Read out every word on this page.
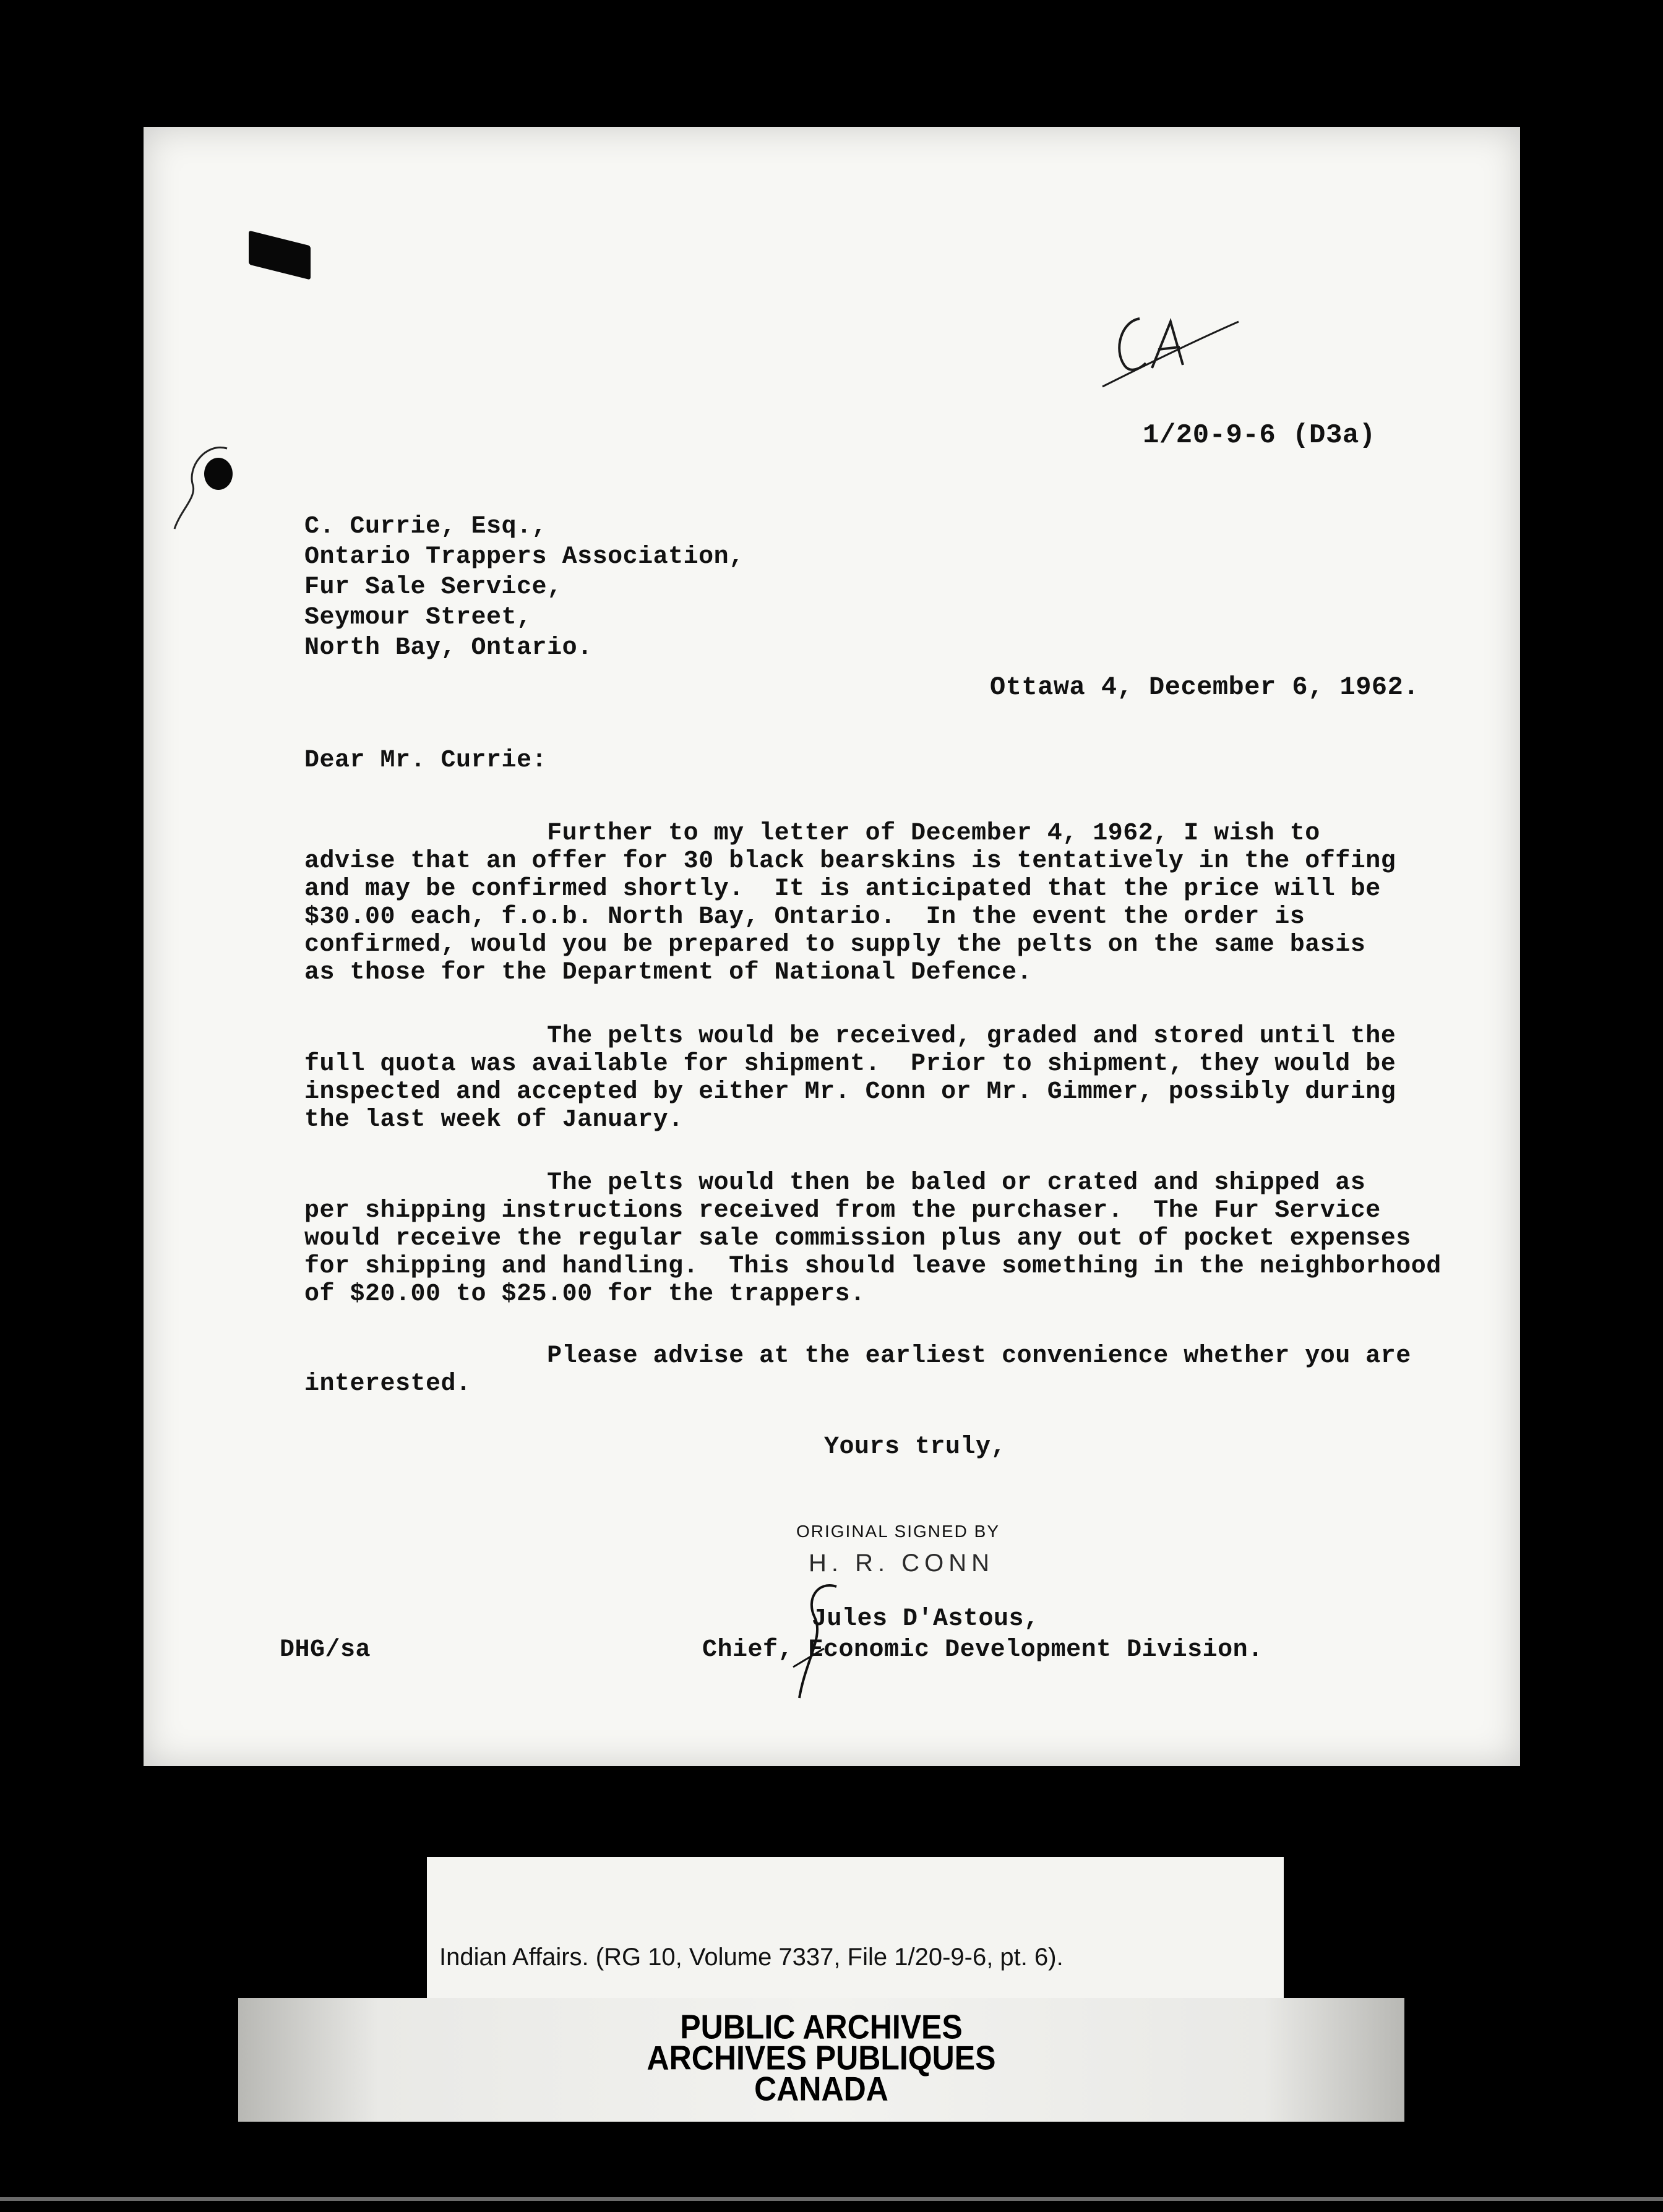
1/20-9-6 (D3a)
C. Currie, Esq.,
Ontario Trappers Association,
Fur Sale Service,
Seymour Street,
North Bay, Ontario.
Ottawa 4, December 6, 1962.
Dear Mr. Currie:
Further to my letter of December 4, 1962, I wish to
advise that an offer for 30 black bearskins is tentatively in the offing
and may be confirmed shortly.  It is anticipated that the price will be
$30.00 each, f.o.b. North Bay, Ontario.  In the event the order is
confirmed, would you be prepared to supply the pelts on the same basis
as those for the Department of National Defence.
The pelts would be received, graded and stored until the
full quota was available for shipment.  Prior to shipment, they would be
inspected and accepted by either Mr. Conn or Mr. Gimmer, possibly during
the last week of January.
The pelts would then be baled or crated and shipped as
per shipping instructions received from the purchaser.  The Fur Service
would receive the regular sale commission plus any out of pocket expenses
for shipping and handling.  This should leave something in the neighborhood
of $20.00 to $25.00 for the trappers.
Please advise at the earliest convenience whether you are
interested.
Yours truly,
ORIGINAL SIGNED BY
H. R. CONN
Jules D'Astous,
Chief, Economic Development Division.
DHG/sa
Indian Affairs. (RG 10, Volume 7337, File 1/20-9-6, pt. 6).
PUBLIC ARCHIVES
ARCHIVES PUBLIQUES
CANADA
